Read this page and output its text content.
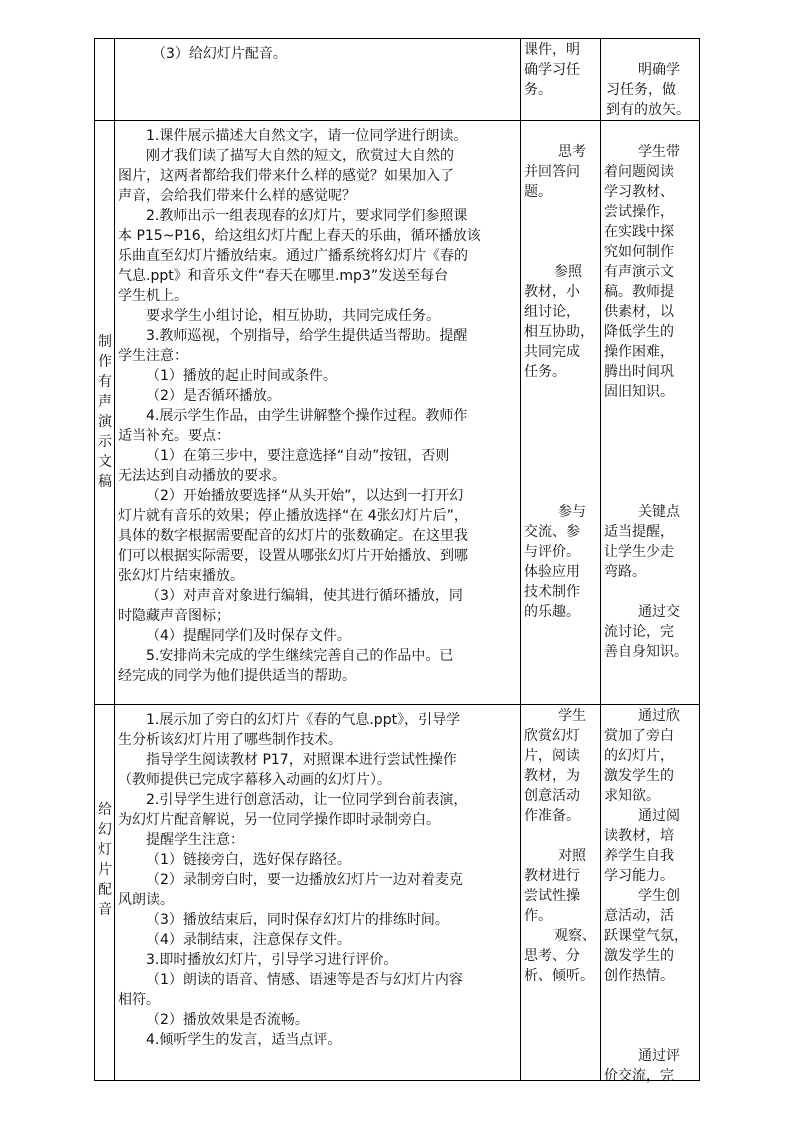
（3）给幻灯片配音。	课件，明
确学习任
务。
明确学
习任务，做
到有的放矢。
制
作
有
声
演
示
文
稿
1.课件展示描述大自然文字，请一位同学进行朗读。
刚才我们读了描写大自然的短文，欣赏过大自然的
图片，这两者都给我们带来什么样的感觉？如果加入了
声音，会给我们带来什么样的感觉呢？
2.教师出示一组表现春的幻灯片，要求同学们参照课
本 P15~P16，给这组幻灯片配上春天的乐曲，循环播放该
乐曲直至幻灯片播放结束。通过广播系统将幻灯片《春的
气息.ppt》和音乐文件“春天在哪里.mp3”发送至每台
学生机上。
要求学生小组讨论，相互协助，共同完成任务。
3.教师巡视，个别指导，给学生提供适当帮助。提醒
学生注意：
（1）播放的起止时间或条件。
（2）是否循环播放。
4.展示学生作品，由学生讲解整个操作过程。教师作
适当补充。要点：
（1）在第三步中，要注意选择“自动”按钮，否则
无法达到自动播放的要求。
（2）开始播放要选择“从头开始”，以达到一打开幻
灯片就有音乐的效果；停止播放选择“在 4张幻灯片后”，
具体的数字根据需要配音的幻灯片的张数确定。在这里我
们可以根据实际需要，设置从哪张幻灯片开始播放、到哪
张幻灯片结束播放。
（3）对声音对象进行编辑，使其进行循环播放，同
时隐藏声音图标；
（4）提醒同学们及时保存文件。
5.安排尚未完成的学生继续完善自己的作品中。已
经完成的同学为他们提供适当的帮助。
思考
并回答问
题。
参照
教材，小
组讨论，
相互协助，
共同完成
任务。
参与
交流、参
与评价。
体验应用
技术制作
的乐趣。
学生带
着问题阅读
学习教材、
尝试操作，
在实践中探
究如何制作
有声演示文
稿。教师提
供素材，以
降低学生的
操作困难，
腾出时间巩
固旧知识。
关键点
适当提醒，
让学生少走
弯路。
通过交
流讨论，完
善自身知识。
给
幻
灯
片
配
音
1.展示加了旁白的幻灯片《春的气息.ppt》，引导学
生分析该幻灯片用了哪些制作技术。
指导学生阅读教材 P17，对照课本进行尝试性操作
（教师提供已完成字幕移入动画的幻灯片）。
2.引导学生进行创意活动，让一位同学到台前表演，
为幻灯片配音解说，另一位同学操作即时录制旁白。
提醒学生注意：
（1）链接旁白，选好保存路径。
（2）录制旁白时，要一边播放幻灯片一边对着麦克
风朗读。
（3）播放结束后，同时保存幻灯片的排练时间。
（4）录制结束，注意保存文件。
3.即时播放幻灯片，引导学习进行评价。
（1）朗读的语音、情感、语速等是否与幻灯片内容
相符。
（2）播放效果是否流畅。
4.倾听学生的发言，适当点评。
学生
欣赏幻灯
片，阅读
教材，为
创意活动
作准备。
对照
教材进行
尝试性操
作。
观察、
思考、分
析、倾听。
通过欣
赏加了旁白
的幻灯片，
激发学生的
求知欲。
通过阅
读教材，培
养学生自我
学习能力。
学生创
意活动，活
跃课堂气氛，
激发学生的
创作热情。
通过评
价交流，完
